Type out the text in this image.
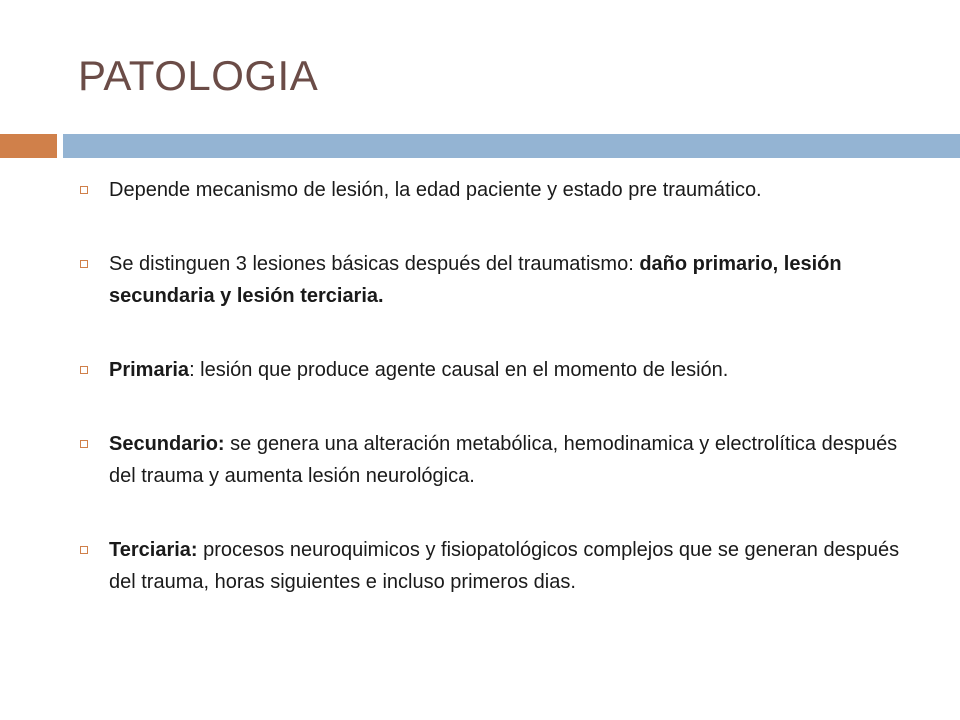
PATOLOGIA
Depende mecanismo de lesión, la edad paciente y estado pre traumático.
Se distinguen 3 lesiones básicas después del traumatismo: daño primario, lesión secundaria y lesión terciaria.
Primaria: lesión que produce agente causal en el momento de lesión.
Secundario: se genera una alteración metabólica, hemodinamica y electrolítica después del trauma y aumenta lesión neurológica.
Terciaria: procesos neuroquimicos y fisiopatológicos complejos que se generan después del trauma, horas siguientes e incluso primeros dias.
